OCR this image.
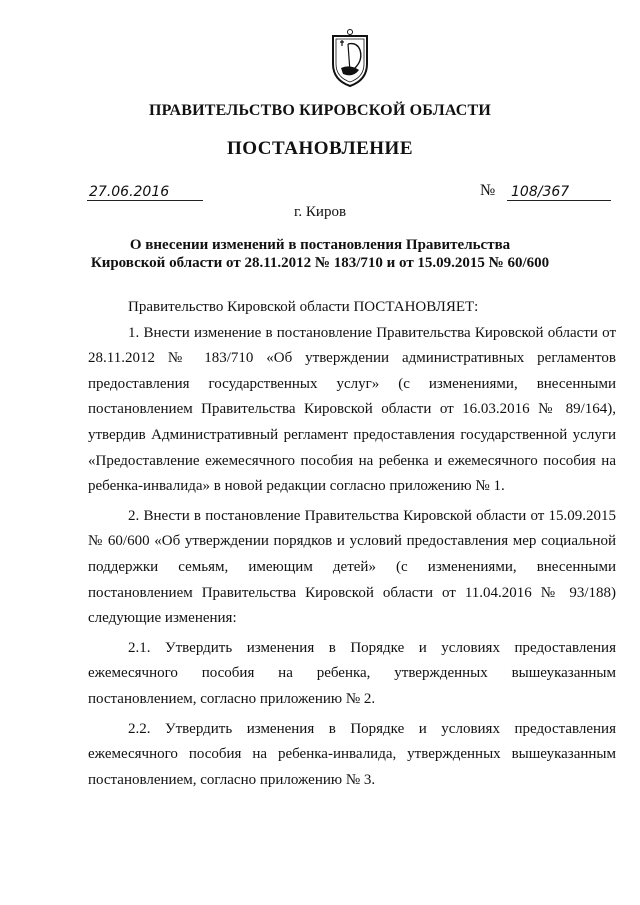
ПРАВИТЕЛЬСТВО КИРОВСКОЙ ОБЛАСТИ
ПОСТАНОВЛЕНИЕ
27.06.2016	№ 108/367
г. Киров
О внесении изменений в постановления Правительства
Кировской области от 28.11.2012 № 183/710 и от 15.09.2015 № 60/600

Правительство Кировской области ПОСТАНОВЛЯЕТ:

1. Внести изменение в постановление Правительства Кировской области от 28.11.2012 № 183/710 «Об утверждении административных регламентов предоставления государственных услуг» (с изменениями, внесенными постановлением Правительства Кировской области от 16.03.2016 № 89/164), утвердив Административный регламент предоставления государственной услуги «Предоставление ежемесячного пособия на ребенка и ежемесячного пособия на ребенка-инвалида» в новой редакции согласно приложению № 1.

2. Внести в постановление Правительства Кировской области от 15.09.2015 № 60/600 «Об утверждении порядков и условий предоставления мер социальной поддержки семьям, имеющим детей» (с изменениями, внесенными постановлением Правительства Кировской области от 11.04.2016 № 93/188) следующие изменения:

2.1. Утвердить изменения в Порядке и условиях предоставления ежемесячного пособия на ребенка, утвержденных вышеуказанным постановлением, согласно приложению № 2.

2.2. Утвердить изменения в Порядке и условиях предоставления ежемесячного пособия на ребенка-инвалида, утвержденных вышеуказанным постановлением, согласно приложению № 3.
